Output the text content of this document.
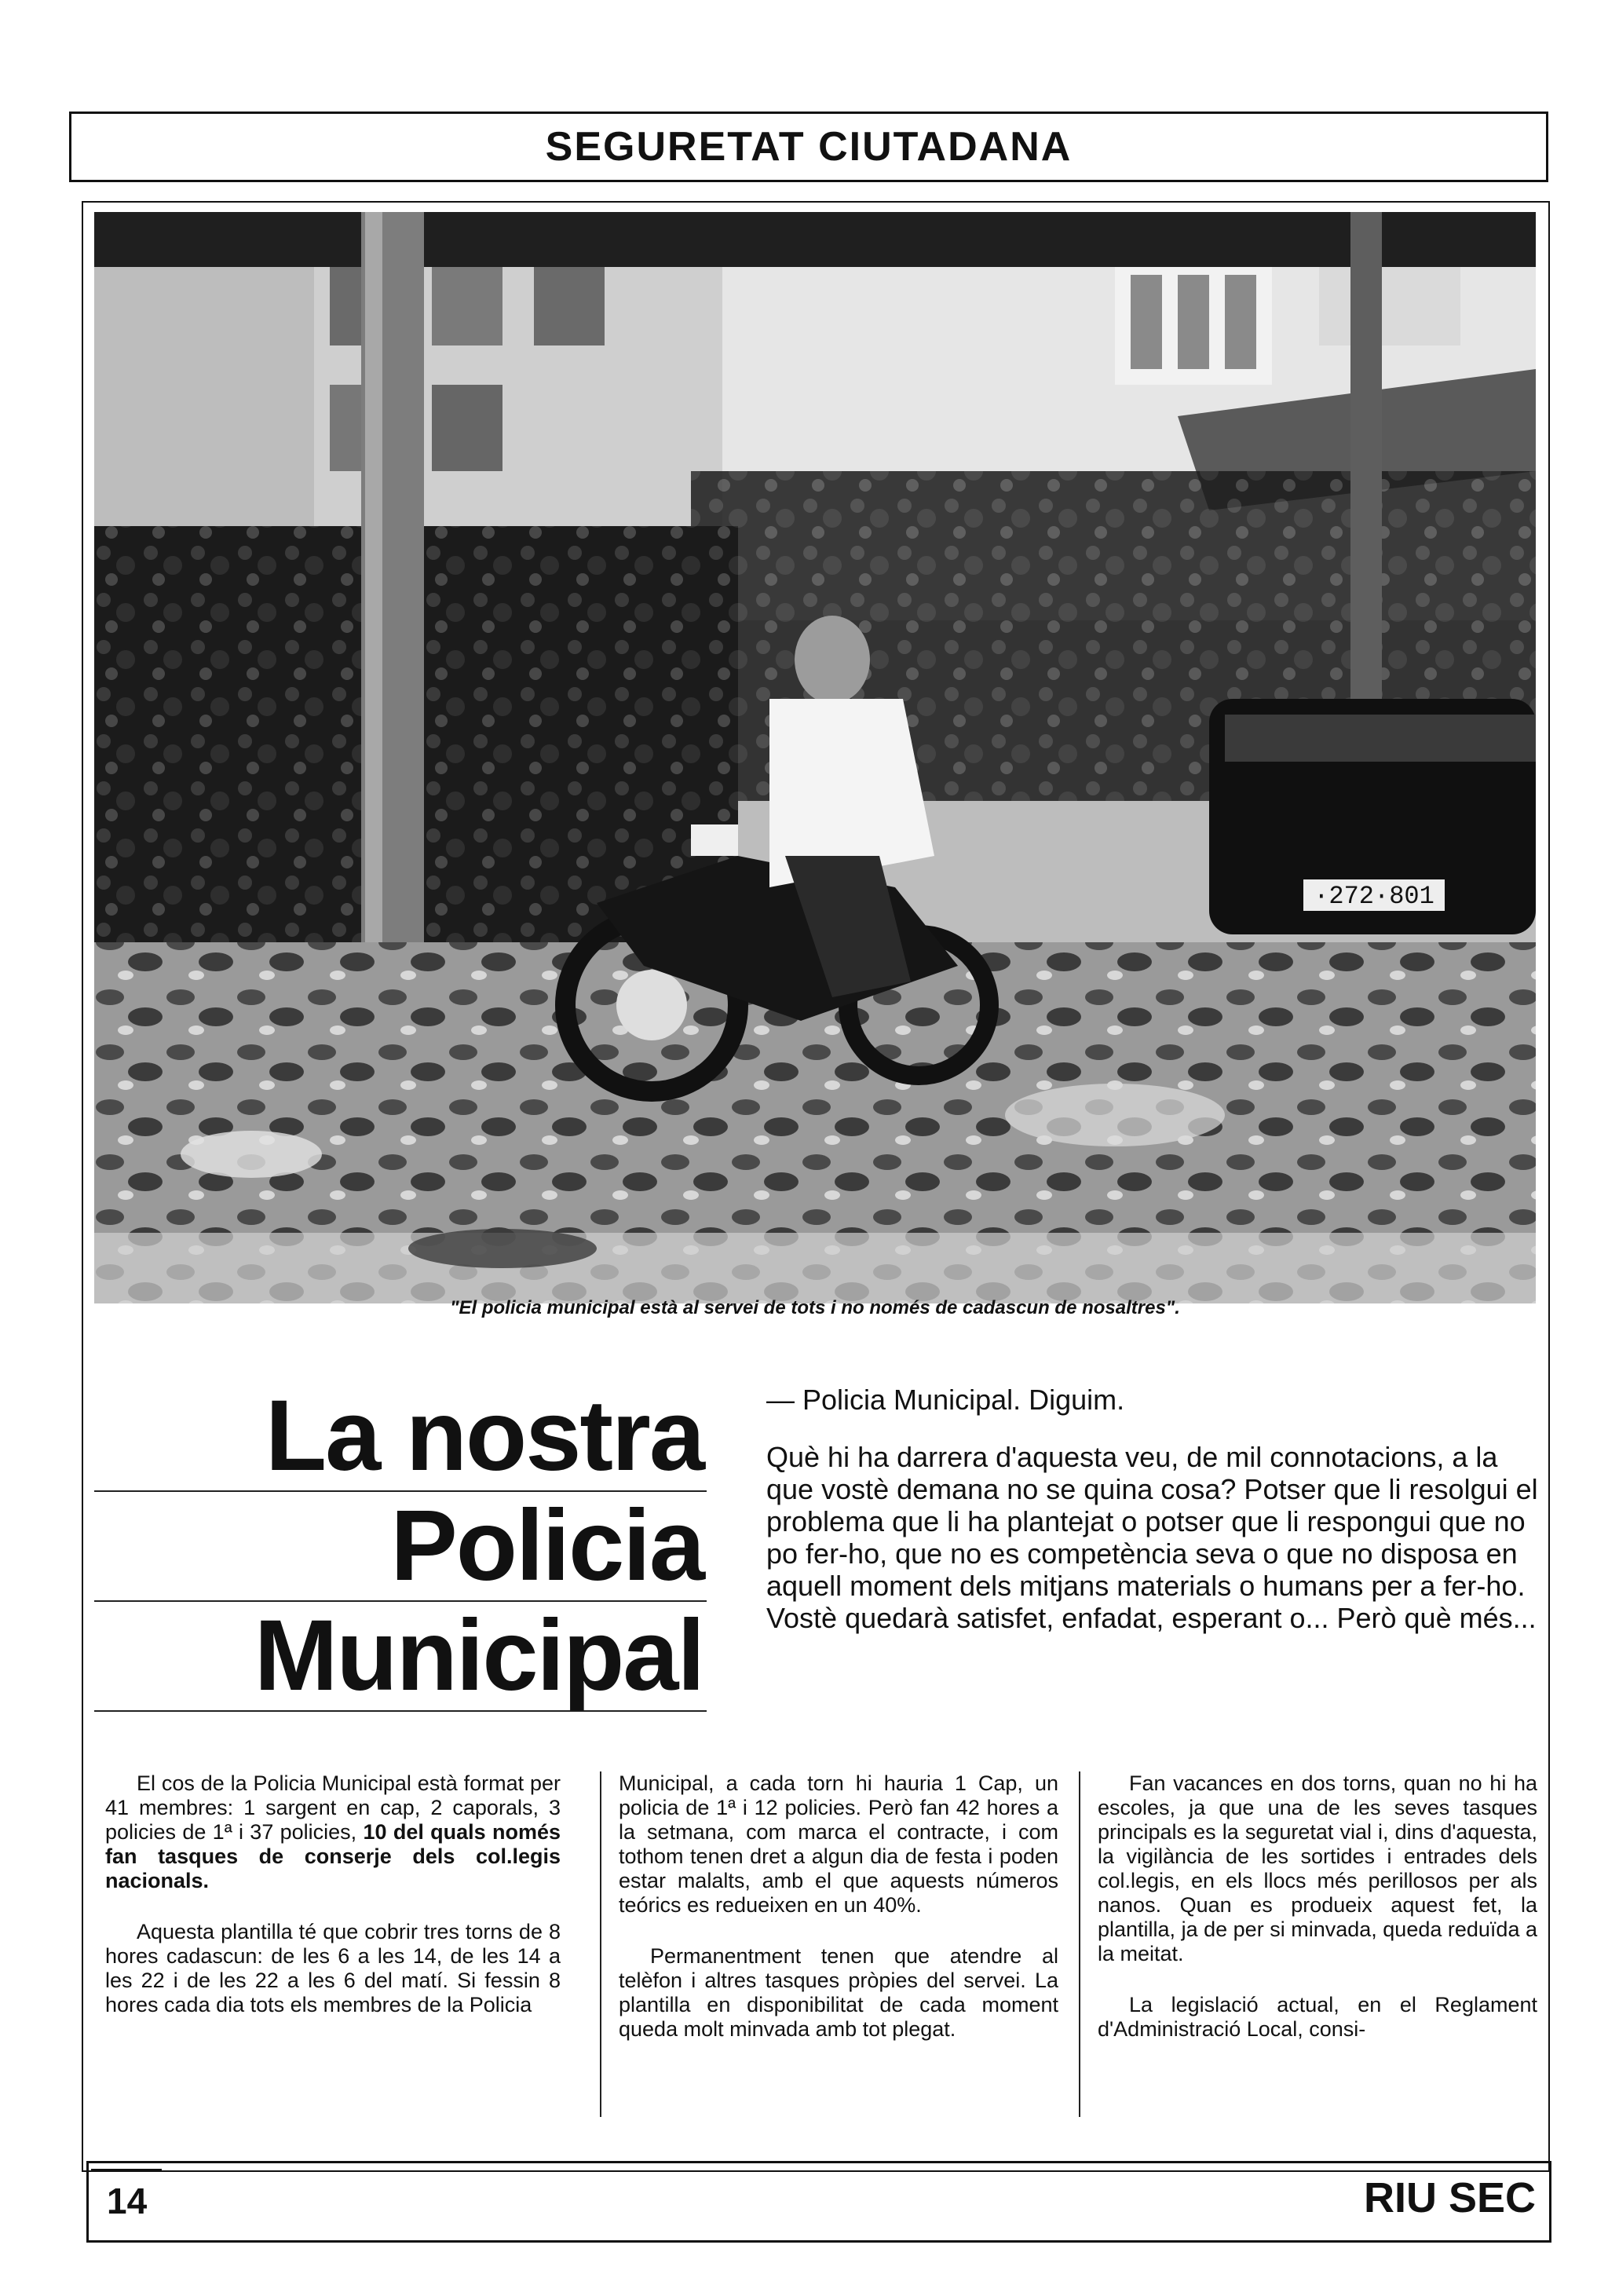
SEGURETAT CIUTADANA
·272·801
"El policia municipal està al servei de tots i no només de cadascun de nosaltres".
La nostra
Policia
Municipal

— Policia Municipal. Diguim.

Què hi ha darrera d'aquesta veu, de mil connotacions, a la que vostè demana no se quina cosa? Potser que li resolgui el problema que li ha plantejat o potser que li respongui que no po fer-ho, que no es competència seva o que no disposa en aquell moment dels mitjans materials o humans per a fer-ho. Vostè quedarà satisfet, enfadat, esperant o... Però què més...

El cos de la Policia Municipal està format per 41 membres: 1 sargent en cap, 2 caporals, 3 policies de 1ª i 37 policies, 10 del quals només fan tasques de conserje dels col.legis nacionals.

Aquesta plantilla té que cobrir tres torns de 8 hores cadascun: de les 6 a les 14, de les 14 a les 22 i de les 22 a les 6 del matí. Si fessin 8 hores cada dia tots els membres de la Policia

Municipal, a cada torn hi hauria 1 Cap, un policia de 1ª i 12 policies. Però fan 42 hores a la setmana, com marca el contracte, i com tothom tenen dret a algun dia de festa i poden estar malalts, amb el que aquests números teórics es redueixen en un 40%.

Permanentment tenen que atendre al telèfon i altres tasques pròpies del servei. La plantilla en disponibilitat de cada moment queda molt minvada amb tot plegat.

Fan vacances en dos torns, quan no hi ha escoles, ja que una de les seves tasques principals es la seguretat vial i, dins d'aquesta, la vigilància de les sortides i entrades dels col.legis, en els llocs més perillosos per als nanos. Quan es produeix aquest fet, la plantilla, ja de per si minvada, queda reduïda a la meitat.

La legislació actual, en el Reglament d'Administració Local, consi-

14	RIU SEC
